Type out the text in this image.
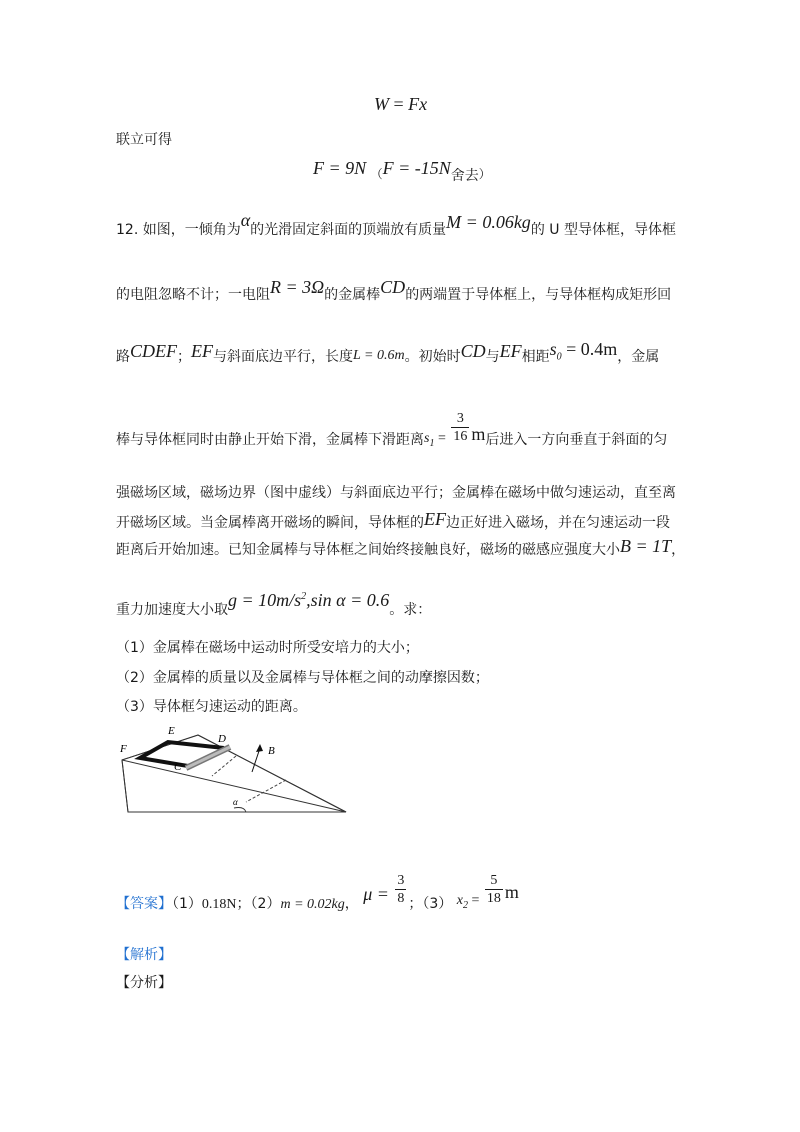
W = Fx
联立可得
F = 9N （F = -15N舍去）
12. 如图，一倾角为α的光滑固定斜面的顶端放有质量M = 0.06kg的 U 型导体框，导体框
的电阻忽略不计；一电阻R = 3Ω的金属棒CD的两端置于导体框上，与导体框构成矩形回
路CDEF；EF与斜面底边平行，长度L = 0.6m。初始时CD与EF相距$s_0 = 0.4m$，金属
棒与导体框同时由静止开始下滑，金属棒下滑距离$s_1 = \frac{3}{16}$ m后进入一方向垂直于斜面的匀
强磁场区域，磁场边界（图中虚线）与斜面底边平行；金属棒在磁场中做匀速运动，直至离
开磁场区域。当金属棒离开磁场的瞬间，导体框的EF边正好进入磁场，并在匀速运动一段
距离后开始加速。已知金属棒与导体框之间始终接触良好，磁场的磁感应强度大小B = 1T，
重力加速度大小取$g = 10m/s^2,\sin$ α = 0.6。求：
（1）金属棒在磁场中运动时所受安培力的大小；
（2）金属棒的质量以及金属棒与导体框之间的动摩擦因数；
（3）导体框匀速运动的距离。
E
F
D
C
B
α
【答案】（1）0.18N；（2）m = 0.02kg， $\mu = \frac{3}{8}$ ；（3） $x_2 = \frac{5}{18}$ m
【解析】
【分析】
